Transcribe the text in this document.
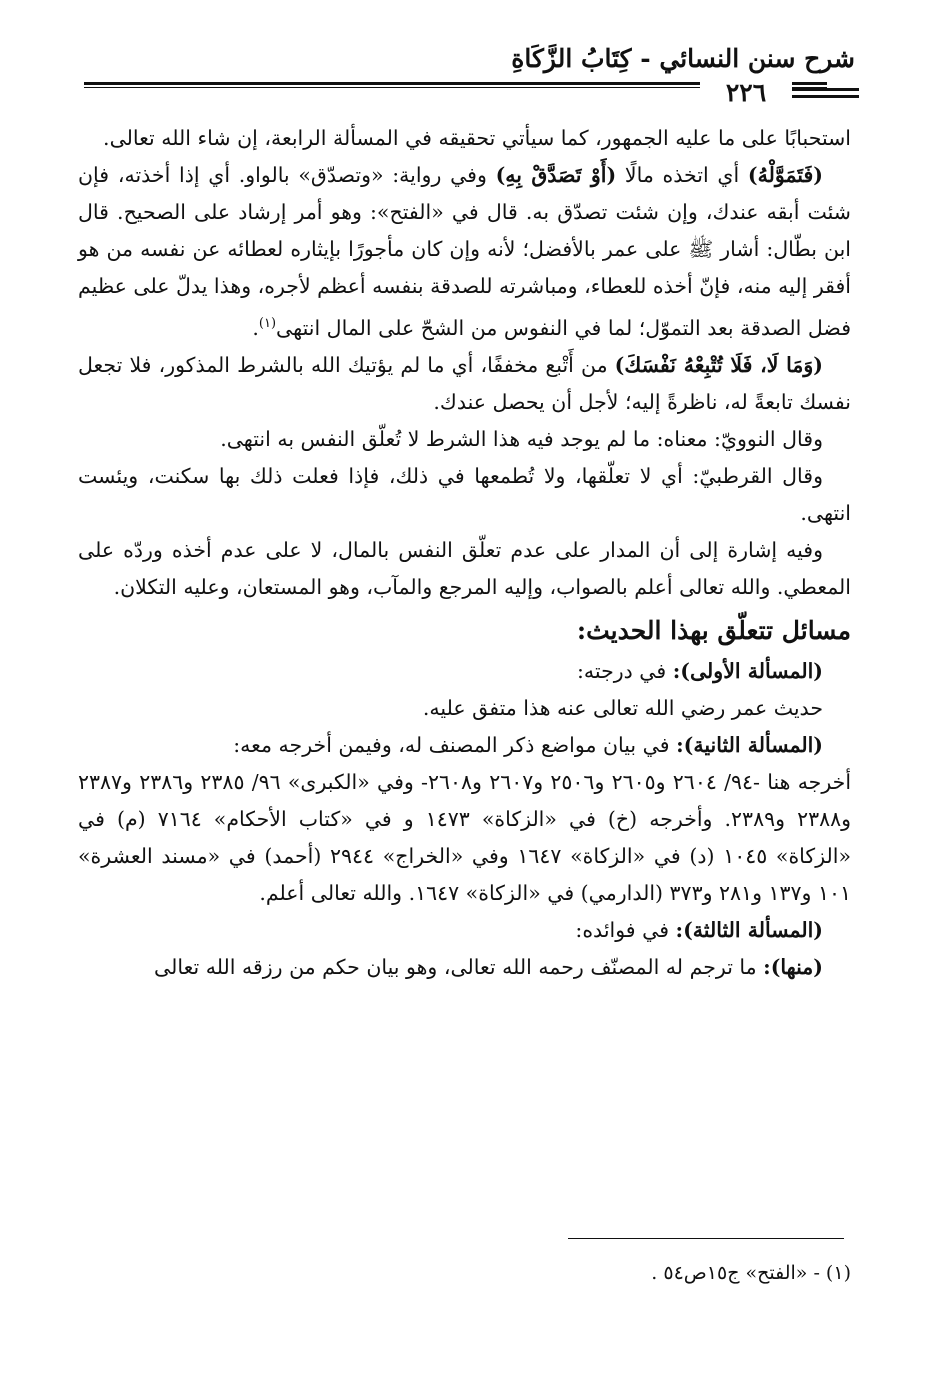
شرح سنن النسائي - كِتَابُ الزَّكَاةِ
٢٢٦

استحبابًا على ما عليه الجمهور، كما سيأتي تحقيقه في المسألة الرابعة، إن شاء الله تعالى.

(فَتَمَوَّلْهُ) أي اتخذه مالًا (أَوْ تَصَدَّقْ بِهِ) وفي رواية: «وتصدّق» بالواو. أي إذا أخذته، فإن شئت أبقه عندك، وإن شئت تصدّق به. قال في «الفتح»: وهو أمر إرشاد على الصحيح. قال ابن بطّال: أشار ﷺ على عمر بالأفضل؛ لأنه وإن كان مأجورًا بإيثاره لعطائه عن نفسه من هو أفقر إليه منه، فإنّ أخذه للعطاء، ومباشرته للصدقة بنفسه أعظم لأجره، وهذا يدلّ على عظيم فضل الصدقة بعد التموّل؛ لما في النفوس من الشحّ على المال انتهى$^{(١)}$.

(وَمَا لَا، فَلَا تُتْبِعْهُ نَفْسَكَ) من أَتْبع مخففًا، أي ما لم يؤتيك الله بالشرط المذكور، فلا تجعل نفسك تابعةً له، ناظرةً إليه؛ لأجل أن يحصل عندك.

وقال النوويّ: معناه: ما لم يوجد فيه هذا الشرط لا تُعلّق النفس به انتهى.

وقال القرطبيّ: أي لا تعلّقها، ولا تُطمعها في ذلك، فإذا فعلت ذلك بها سكنت، ويئست انتهى.

وفيه إشارة إلى أن المدار على عدم تعلّق النفس بالمال، لا على عدم أخذه وردّه على المعطي. والله تعالى أعلم بالصواب، وإليه المرجع والمآب، وهو المستعان، وعليه التكلان.

مسائل تتعلّق بهذا الحديث:

(المسألة الأولى): في درجته:

حديث عمر رضي الله تعالى عنه هذا متفق عليه.

(المسألة الثانية): في بيان مواضع ذكر المصنف له، وفيمن أخرجه معه:

أخرجه هنا -٩٤/ ٢٦٠٤ و٢٦٠٥ و٢٥٠٦ و٢٦٠٧ و٢٦٠٨- وفي «الكبرى» ٩٦/ ٢٣٨٥ و٢٣٨٦ و٢٣٨٧ و٢٣٨٨ و٢٣٨٩. وأخرجه (خ) في «الزكاة» ١٤٧٣ و في «كتاب الأحكام» ٧١٦٤ (م) في «الزكاة» ١٠٤٥ (د) في «الزكاة» ١٦٤٧ وفي «الخراج» ٢٩٤٤ (أحمد) في «مسند العشرة» ١٠١ و١٣٧ و٢٨١ و٣٧٣ (الدارمي) في «الزكاة» ١٦٤٧. والله تعالى أعلم.

(المسألة الثالثة): في فوائده:

(منها): ما ترجم له المصنّف رحمه الله تعالى، وهو بيان حكم من رزقه الله تعالى

(١) - «الفتح» ج١٥ص٥٤ .
